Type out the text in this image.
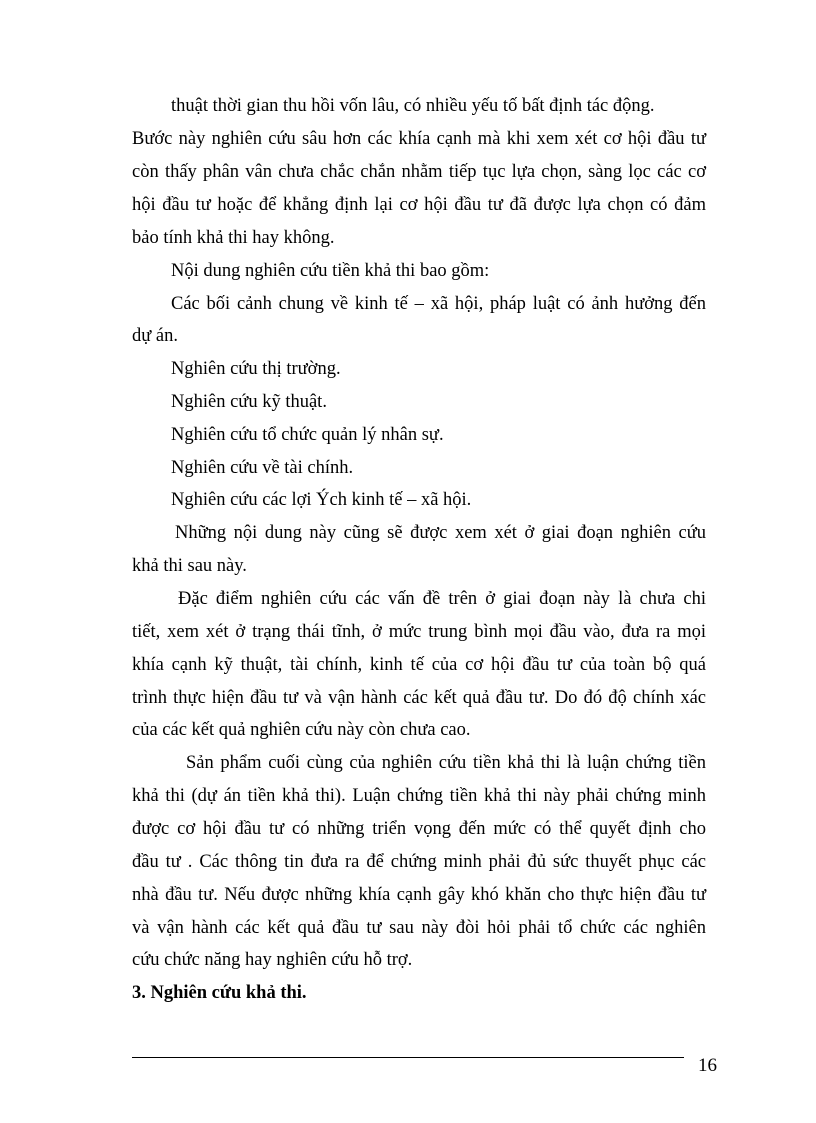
thuật thời gian thu hồi vốn lâu, có nhiều yếu tố bất định tác động.
Bước này nghiên cứu sâu hơn các khía cạnh mà khi xem xét cơ hội đầu tư
còn thấy phân vân chưa chắc chắn nhằm tiếp tục lựa chọn, sàng lọc các cơ
hội đầu tư hoặc để khẳng định lại cơ hội đầu tư đã được lựa chọn có đảm
bảo tính khả thi hay không.
Nội dung nghiên cứu tiền khả thi bao gồm:
Các bối cảnh chung về kinh tế – xã hội, pháp luật có ảnh hưởng đến
dự án.
Nghiên cứu thị trường.
Nghiên cứu kỹ thuật.
Nghiên cứu tổ chức quản lý nhân sự.
Nghiên cứu về tài chính.
Nghiên cứu các lợi Ých kinh tế – xã hội.
Những nội dung này cũng sẽ được xem xét ở giai đoạn nghiên cứu
khả thi sau này.
Đặc điểm nghiên cứu các vấn đề trên ở giai đoạn này là chưa chi
tiết, xem xét ở trạng thái tĩnh, ở mức trung bình mọi đầu vào, đưa ra mọi
khía cạnh kỹ thuật, tài chính, kinh tế của cơ hội đầu tư của toàn bộ quá
trình thực hiện đầu tư và vận hành các kết quả đầu tư. Do đó độ chính xác
của các kết quả nghiên cứu này còn chưa cao.
Sản phẩm cuối cùng của nghiên cứu tiền khả thi là luận chứng tiền
khả thi (dự án tiền khả thi). Luận chứng tiền khả thi này phải chứng minh
được cơ hội đầu tư có những triển vọng đến mức có thể quyết định cho
đầu tư . Các thông tin đưa ra để chứng minh phải đủ sức thuyết phục các
nhà đầu tư. Nếu được những khía cạnh gây khó khăn cho thực hiện đầu tư
và vận hành các kết quả đầu tư sau này đòi hỏi phải tổ chức các nghiên
cứu chức năng hay nghiên cứu hỗ trợ.
3. Nghiên cứu khả thi.
16
